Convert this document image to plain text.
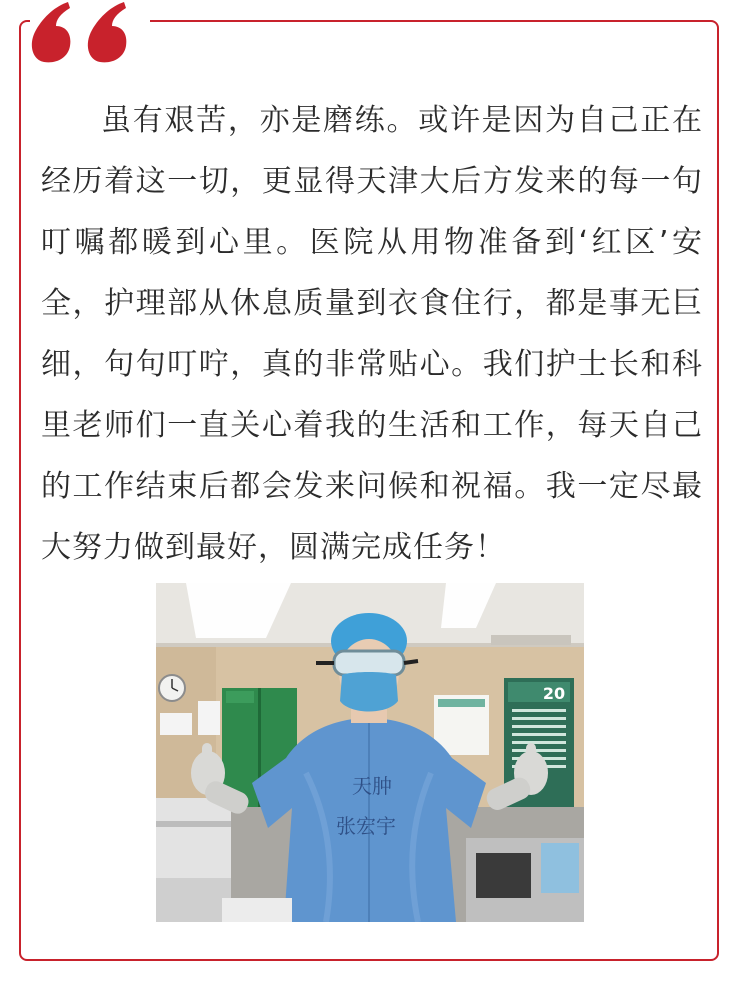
虽有艰苦，亦是磨练。或许是因为自己正在经历着这一切，更显得天津大后方发来的每一句叮嘱都暖到心里。医院从用物准备到‘红区’安全，护理部从休息质量到衣食住行，都是事无巨细，句句叮咛，真的非常贴心。我们护士长和科里老师们一直关心着我的生活和工作，每天自己的工作结束后都会发来问候和祝福。我一定尽最大努力做到最好，圆满完成任务！

20
天肿
张宏宇
